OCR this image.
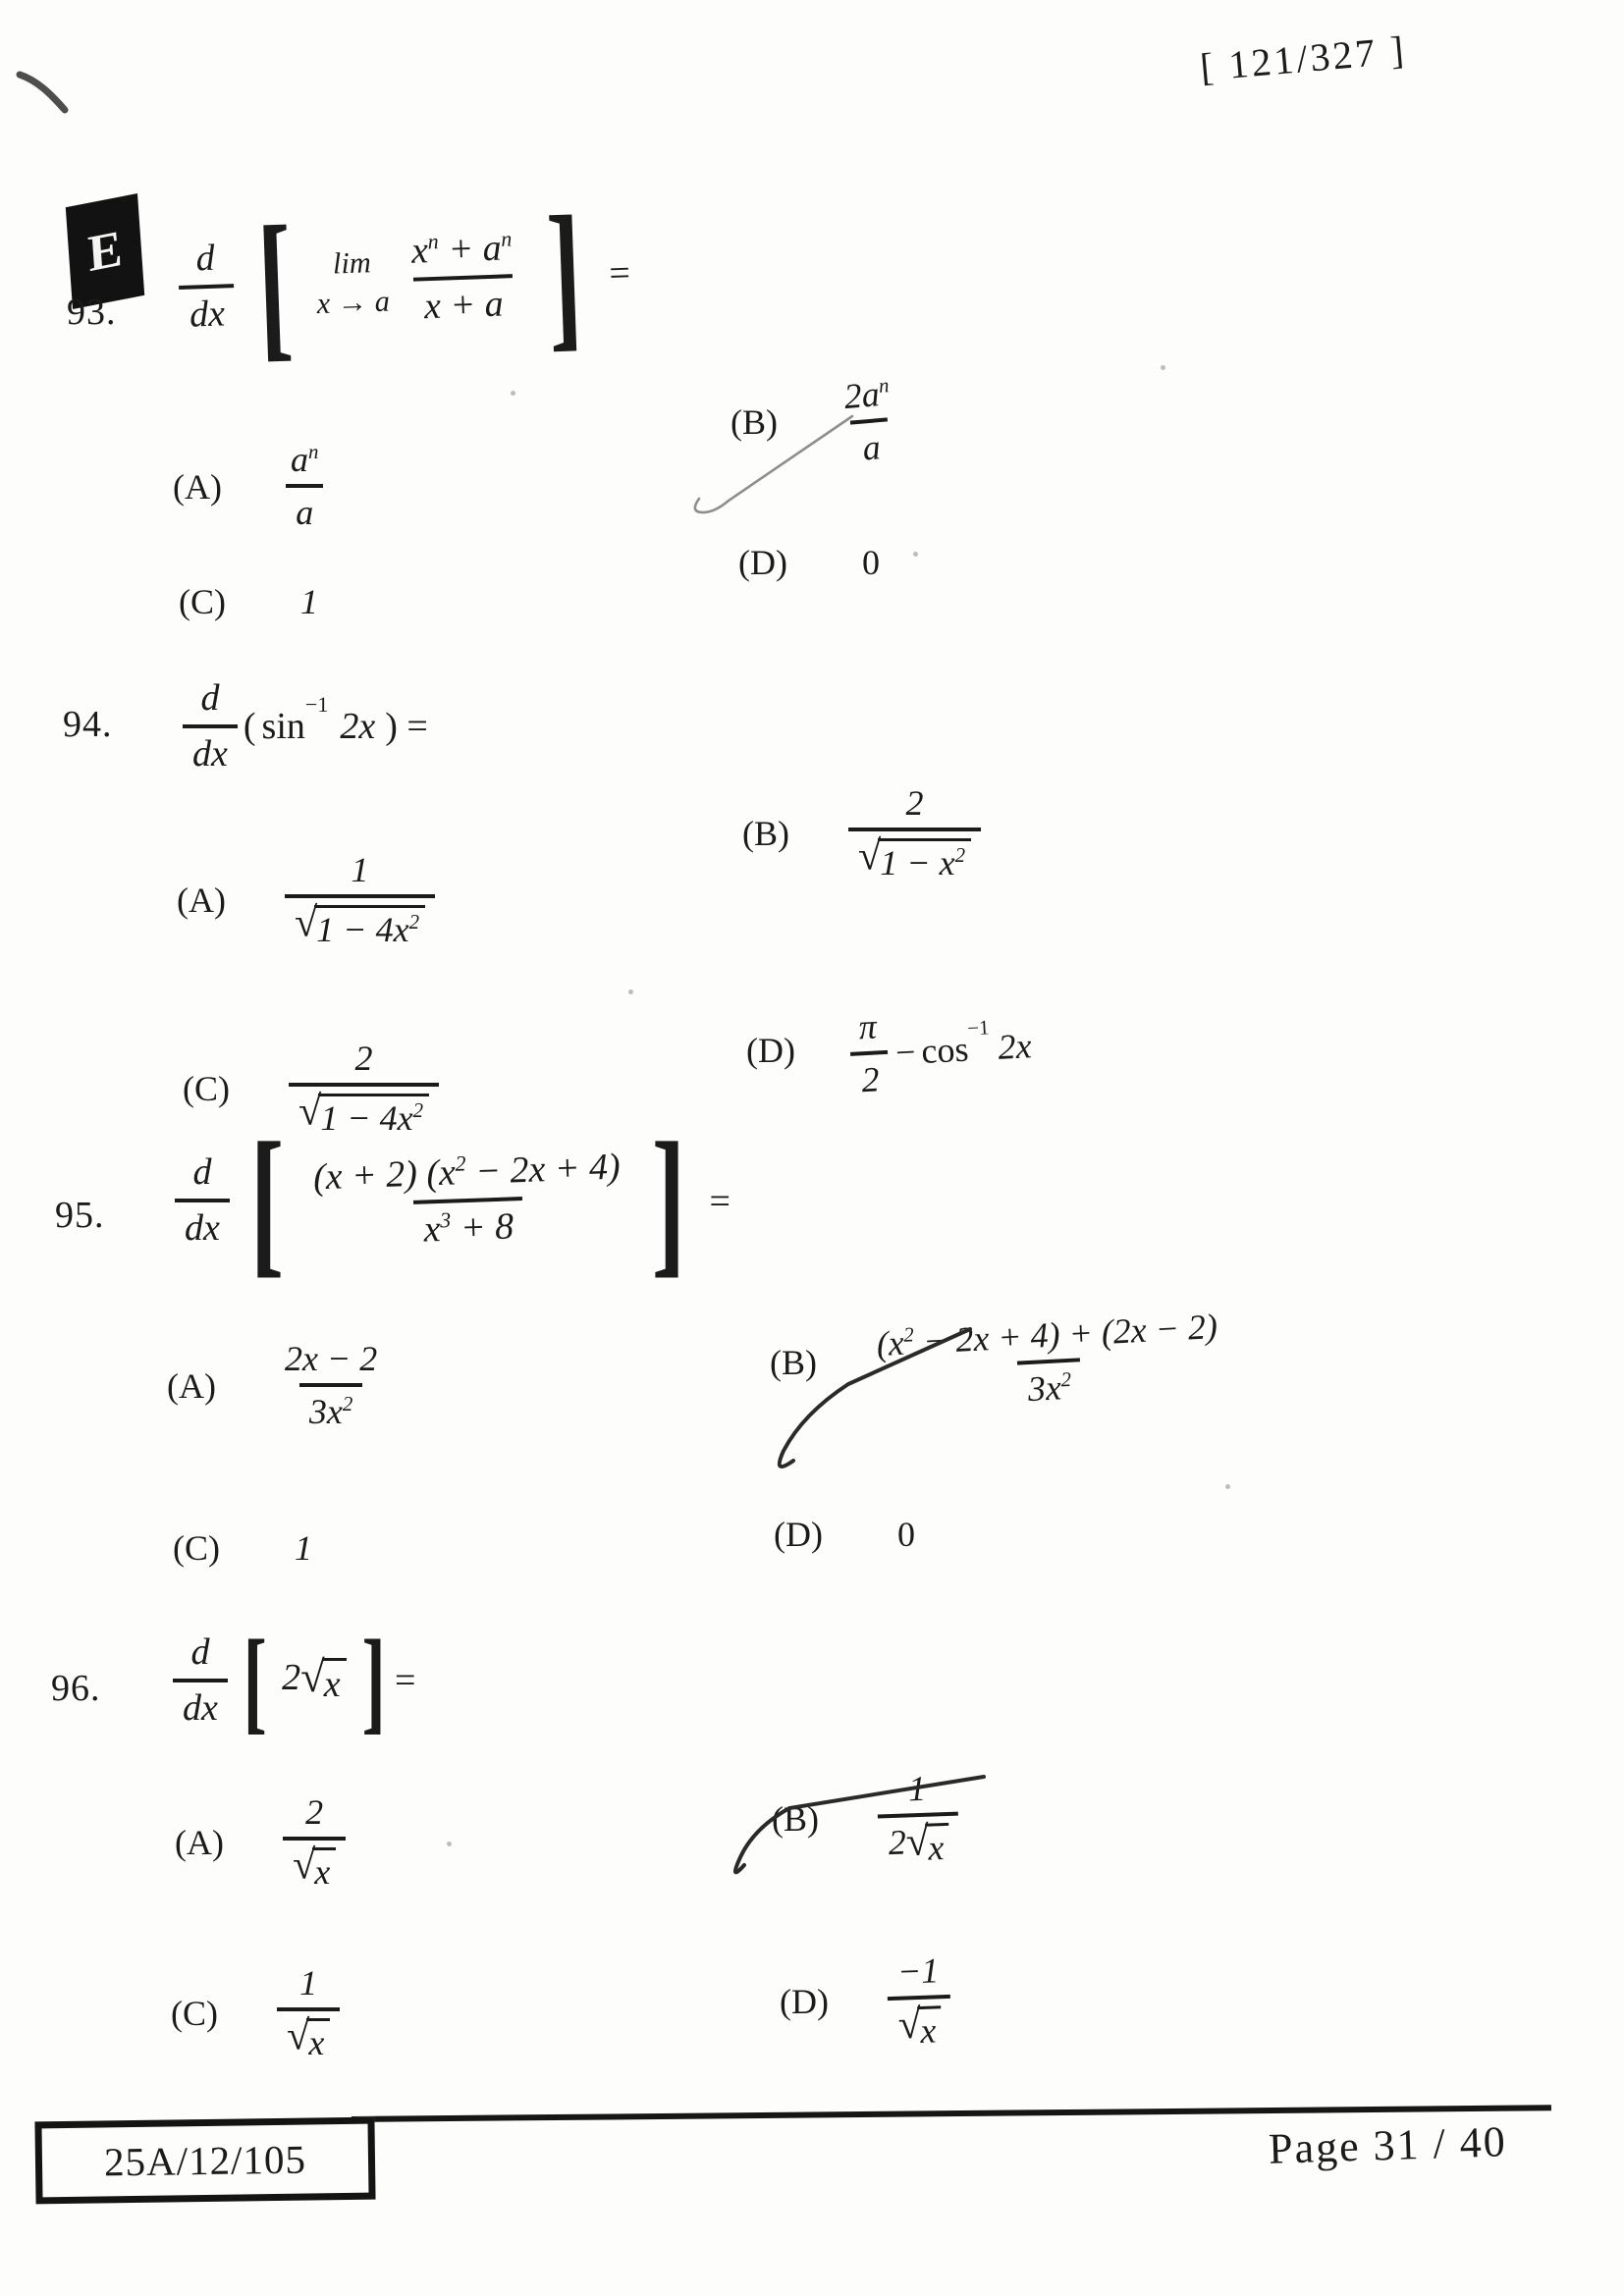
[ 121/327 ]
E
93. $\frac{d}{dx}$ [ lim
x → a $\frac{x^n + a^n}{x + a}$ ] =
$(A) \frac{a^n}{a}$
$(B) \frac{2a^n}{a}$
(C) 1
(D) 0
94. $\frac{d}{dx}$ ( sin
−1
2x ) =
$(A) \frac{1}{√ 1 - 4x^2}$
$(B) \frac{2}{√ 1 - x^2}$
$(C) \frac{2}{√ 1 - 4x^2}$	$(D) \frac{\pi}{2} - \cos$
−1 2x
95. $\frac{d}{dx}$ [ $\frac{(x + 2) (x^2 - 2x + 4)}{x^3 + 8}$ ] =
$(A) \frac{2x - 2}{3x^2}$	$(B) \frac{(x^2 - 2x + 4) + (2x - 2)}{3x^2}$
(C) 1	(D) 0
96. $\frac{d}{dx}$ [ 2 √ x ] =
$(A) \frac{2}{√ x}$	(B) 1
2
√
x
$(C) \frac{1}{√ x}$	(D) −1
√
x
25A/12/105	Page 31 / 40
